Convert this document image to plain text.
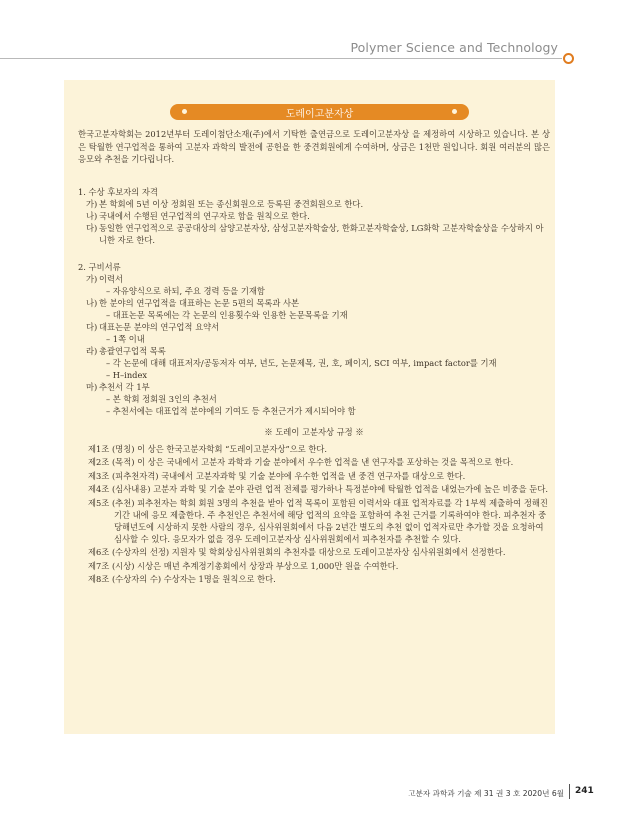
Polymer Science and Technology
도레이고분자상

한국고분자학회는 2012년부터 도레이첨단소재(주)에서 기탁한 출연금으로 도레이고분자상 을 제정하여 시상하고 있습니다. 본 상은 탁월한 연구업적을 통하여 고분자 과학의 발전에 공헌을 한 중견회원에게 수여하며, 상금은 1천만 원입니다. 회원 여러분의 많은 응모와 추천을 기다립니다.

1. 수상 후보자의 자격

가) 본 학회에 5년 이상 정회원 또는 종신회원으로 등록된 중견회원으로 한다.

나) 국내에서 수행된 연구업적의 연구자로 함을 원칙으로 한다.

다) 동일한 연구업적으로 공공대상의 삼양고분자상, 삼성고분자학술상, 한화고분자학술상, LG화학 고분자학술상을 수상하지 아니한 자로 한다.

2. 구비서류

가) 이력서

– 자유양식으로 하되, 주요 경력 등을 기재함

나) 한 분야의 연구업적을 대표하는 논문 5편의 목록과 사본

– 대표논문 목록에는 각 논문의 인용횟수와 인용한 논문목록을 기재

다) 대표논문 분야의 연구업적 요약서

– 1쪽 이내

라) 총괄연구업적 목록

– 각 논문에 대해 대표저자/공동저자 여부, 년도, 논문제목, 권, 호, 페이지, SCI 여부, impact factor를 기재

– H–index

마) 추천서 각 1부

– 본 학회 정회원 3인의 추천서

– 추천서에는 대표업적 분야에의 기여도 등 추천근거가 제시되어야 함

※ 도레이 고분자상 규정 ※

제1조 (명칭) 이 상은 한국고분자학회 “도레이고분자상”으로 한다.

제2조 (목적) 이 상은 국내에서 고분자 과학과 기술 분야에서 우수한 업적을 낸 연구자를 포상하는 것을 목적으로 한다.

제3조 (피추천자격) 국내에서 고분자과학 및 기술 분야에 우수한 업적을 낸 중견 연구자를 대상으로 한다.

제4조 (심사내용) 고분자 과학 및 기술 분야 관련 업적 전체를 평가하나 특정분야에 탁월한 업적을 내었는가에 높은 비중을 둔다.

제5조 (추천) 피추천자는 학회 회원 3명의 추천을 받아 업적 목록이 포함된 이력서와 대표 업적자료를 각 1부씩 제출하여 정해진 기간 내에 응모 제출한다. 주 추천인은 추천서에 해당 업적의 요약을 포함하여 추천 근거를 기록하여야 한다. 피추천자 중 당해년도에 시상하지 못한 사람의 경우, 심사위원회에서 다음 2년간 별도의 추천 없이 업적자료만 추가할 것을 요청하여 심사할 수 있다. 응모자가 없을 경우 도레이고분자상 심사위원회에서 피추천자를 추천할 수 있다.

제6조 (수상자의 선정) 지원자 및 학회상심사위원회의 추천자를 대상으로 도레이고분자상 심사위원회에서 선정한다.

제7조 (시상) 시상은 매년 추계정기총회에서 상장과 부상으로 1,000만 원을 수여한다.

제8조 (수상자의 수) 수상자는 1명을 원칙으로 한다.

고분자 과학과 기술 제 31 권 3 호 2020년 6월 241
